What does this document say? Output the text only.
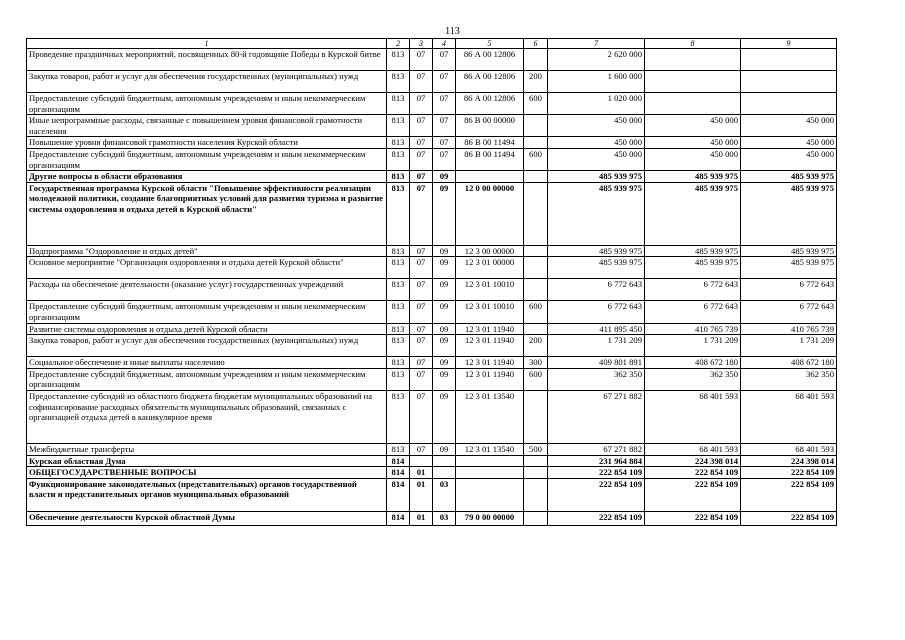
113
1	2	3	4	5	6	7	8	9
Проведение праздничных мероприятий, посвященных 80-й годовщине Победы в Курской битве	813	07	07	86 А 00 12806		2 620 000		
Закупка товаров, работ и услуг для обеспечения государственных (муниципальных) нужд	813	07	07	86 А 00 12806	200	1 600 000		
Предоставление субсидий бюджетным, автономным учреждениям и иным некоммерческим организациям	813	07	07	86 А 00 12806	600	1 020 000		
Иные непрограммные расходы, связанные с повышением уровня финансовой грамотности населения	813	07	07	86 В 00 00000		450 000	450 000	450 000
Повышение уровня финансовой грамотности населения Курской области	813	07	07	86 В 00 11494		450 000	450 000	450 000
Предоставление субсидий бюджетным, автономным учреждениям и иным некоммерческим организациям	813	07	07	86 В 00 11494	600	450 000	450 000	450 000
Другие вопросы в области образования	813	07	09			485 939 975	485 939 975	485 939 975
Государственная программа Курской области "Повышение эффективности реализации молодежной политики, создание благоприятных условий для развития туризма и развитие системы оздоровления и отдыха детей в Курской области"	813	07	09	12 0 00 00000		485 939 975	485 939 975	485 939 975
Подпрограмма "Оздоровление и отдых детей"	813	07	09	12 3 00 00000		485 939 975	485 939 975	485 939 975
Основное мероприятие "Организация оздоровления и отдыха детей Курской области"	813	07	09	12 3 01 00000		485 939 975	485 939 975	485 939 975
Расходы на обеспечение деятельности (оказание услуг) государственных учреждений	813	07	09	12 3 01 10010		6 772 643	6 772 643	6 772 643
Предоставление субсидий бюджетным, автономным учреждениям и иным некоммерческим организациям	813	07	09	12 3 01 10010	600	6 772 643	6 772 643	6 772 643
Развитие системы оздоровления и отдыха детей Курской области	813	07	09	12 3 01 11940		411 895 450	410 765 739	410 765 739
Закупка товаров, работ и услуг для обеспечения государственных (муниципальных) нужд	813	07	09	12 3 01 11940	200	1 731 209	1 731 209	1 731 209
Социальное обеспечение и иные выплаты населению	813	07	09	12 3 01 11940	300	409 801 891	408 672 180	408 672 180
Предоставление субсидий бюджетным, автономным учреждениям и иным некоммерческим организациям	813	07	09	12 3 01 11940	600	362 350	362 350	362 350
Предоставление субсидий из областного бюджета бюджетам муниципальных образований на софинансирование расходных обязательств муниципальных образований, связанных с организацией отдыха детей в каникулярное время	813	07	09	12 3 01 13540		67 271 882	68 401 593	68 401 593
Межбюджетные трансферты	813	07	09	12 3 01 13540	500	67 271 882	68 401 593	68 401 593
Курская областная Дума	814					231 964 884	224 398 014	224 398 014
ОБЩЕГОСУДАРСТВЕННЫЕ ВОПРОСЫ	814	01				222 854 109	222 854 109	222 854 109
Функционирование законодательных (представительных) органов государственной власти и представительных органов муниципальных образований	814	01	03			222 854 109	222 854 109	222 854 109
Обеспечение деятельности Курской областной Думы	814	01	03	79 0 00 00000		222 854 109	222 854 109	222 854 109
